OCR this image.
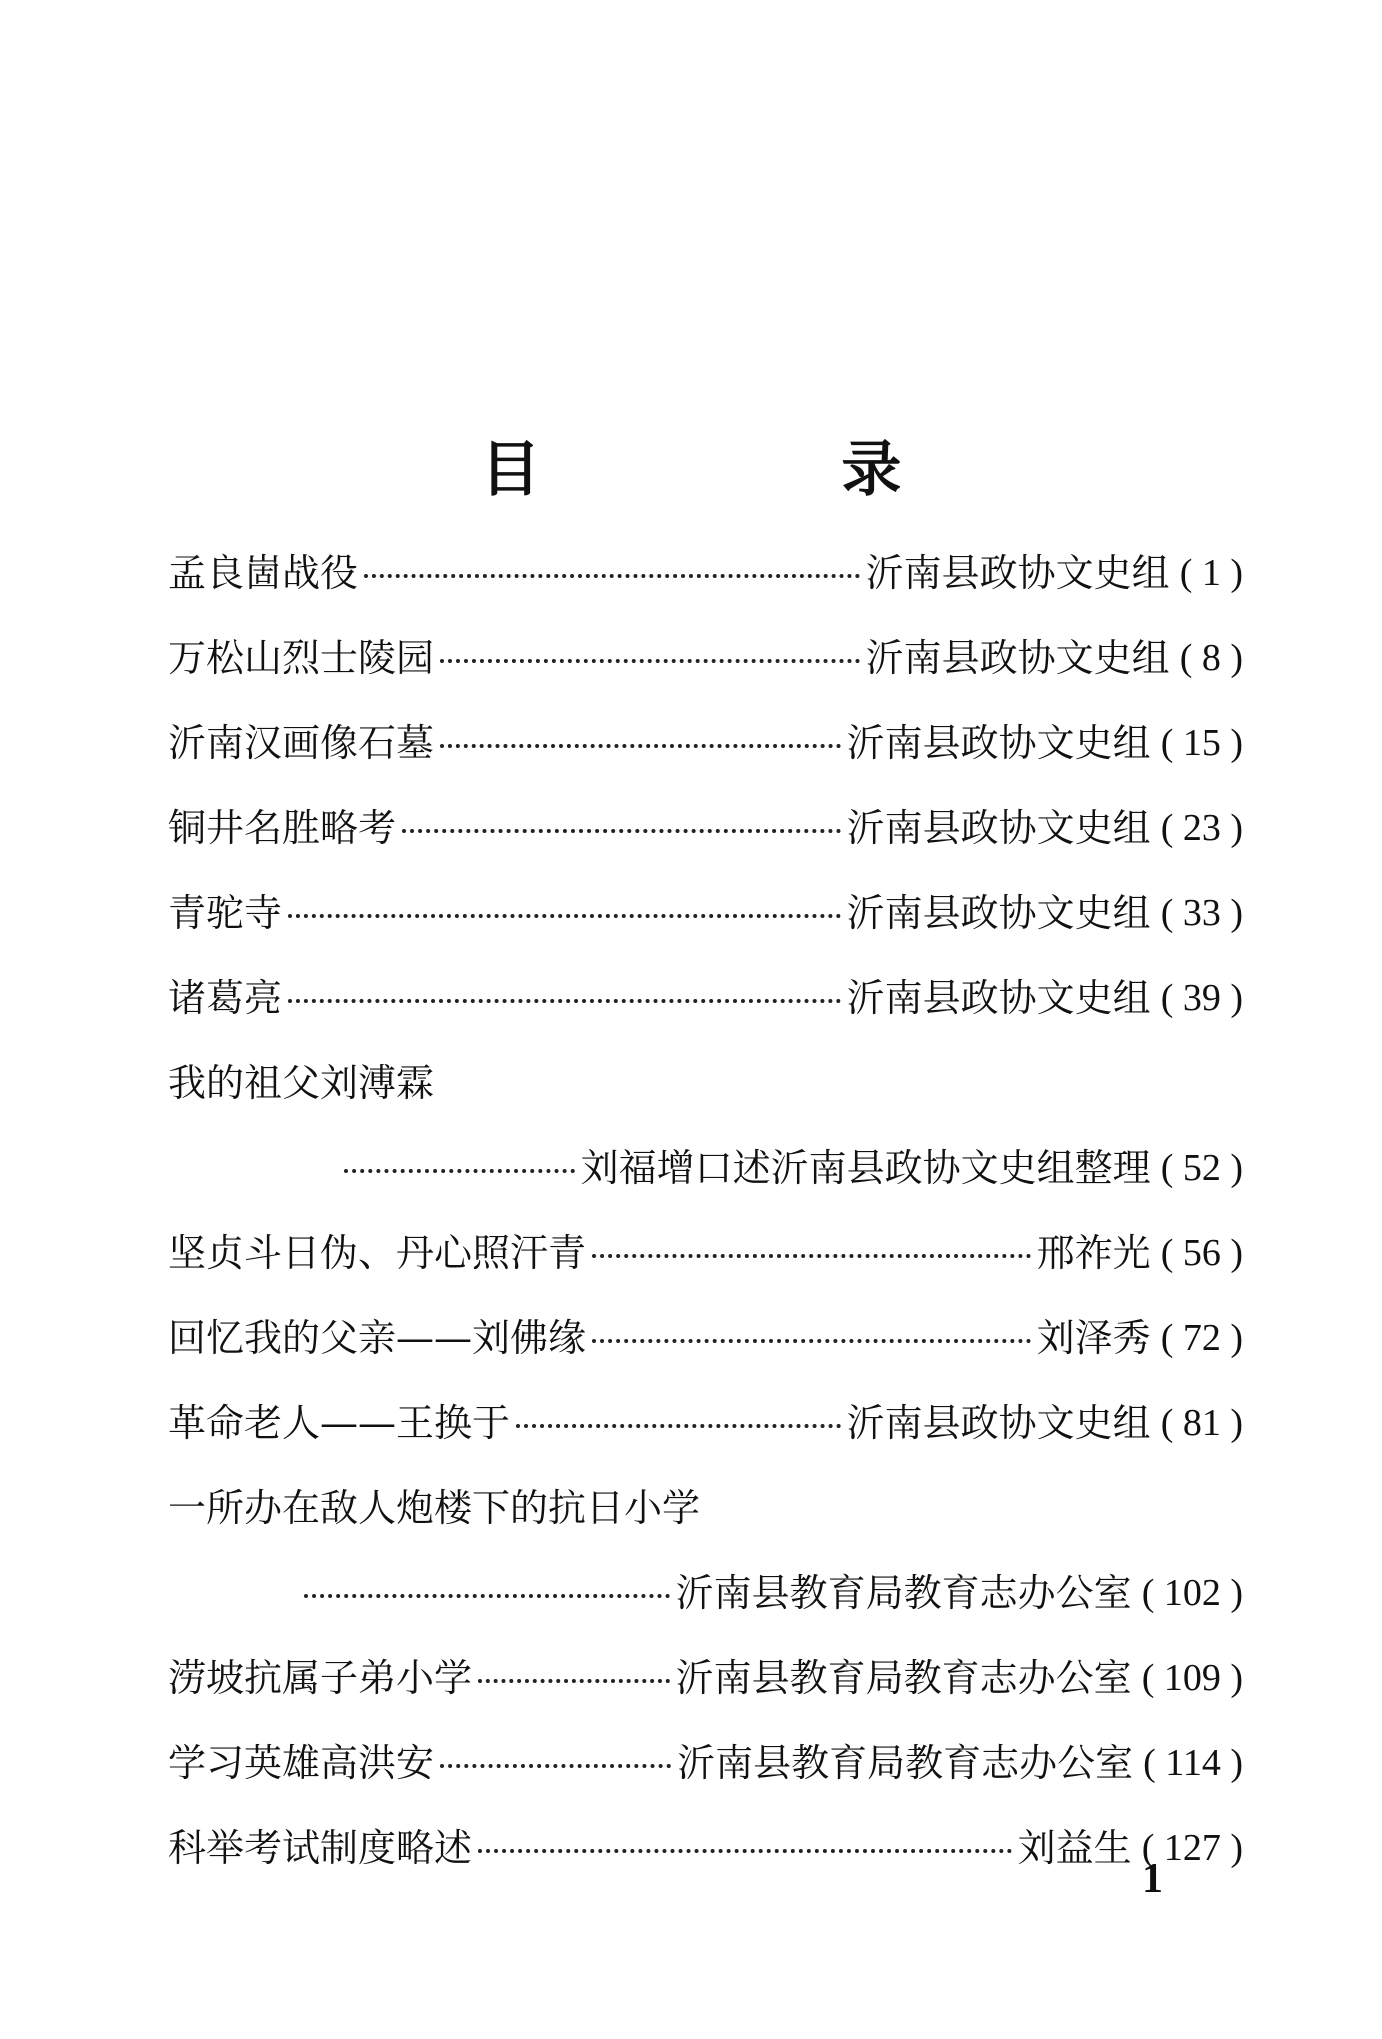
目 录
孟良崮战役	沂南县政协文史组 ( 1 )
万松山烈士陵园	沂南县政协文史组 ( 8 )
沂南汉画像石墓	沂南县政协文史组 ( 15 )
铜井名胜略考	沂南县政协文史组 ( 23 )
青驼寺	沂南县政协文史组 ( 33 )
诸葛亮	沂南县政协文史组 ( 39 )
我的祖父刘溥霖
刘福增口述沂南县政协文史组整理 ( 52 )
坚贞斗日伪、丹心照汗青	邢祚光 ( 56 )
回忆我的父亲——刘佛缘	刘泽秀 ( 72 )
革命老人——王换于	沂南县政协文史组 ( 81 )
一所办在敌人炮楼下的抗日小学
沂南县教育局教育志办公室 ( 102 )
涝坡抗属子弟小学	沂南县教育局教育志办公室 ( 109 )
学习英雄高洪安	沂南县教育局教育志办公室 ( 114 )
科举考试制度略述	刘益生 ( 127 )
1
